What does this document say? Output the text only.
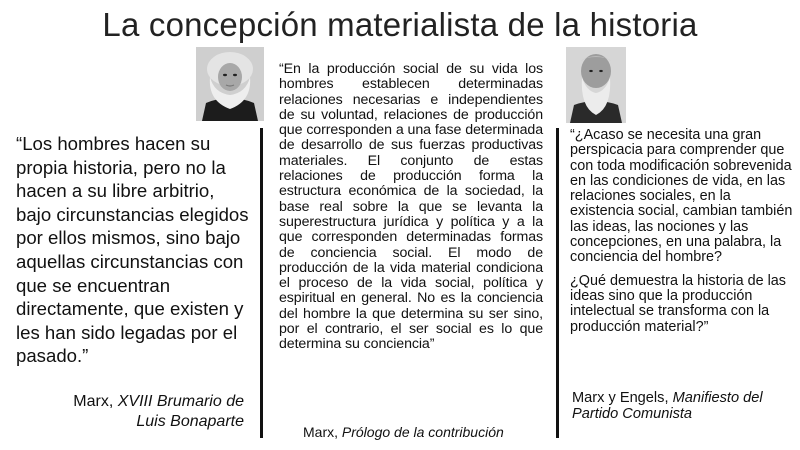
La concepción materialista de la historia

“Los hombres hacen su propia historia, pero no la hacen a su libre arbitrio, bajo circunstancias elegidos por ellos mismos, sino bajo aquellas circunstancias con que se encuentran directamente, que existen y les han sido legadas por el pasado.”

Marx, XVIII Brumario de
Luis Bonaparte

“En la producción social de su vida los hombres establecen determinadas relaciones necesarias e independientes de su voluntad, relaciones de producción que corresponden a una fase determinada de desarrollo de sus fuerzas productivas materiales. El conjunto de estas relaciones de producción forma la estructura económica de la sociedad, la base real sobre la que se levanta la superestructura jurídica y política y a la que corresponden determinadas formas de conciencia social. El modo de producción de la vida material condiciona el proceso de la vida social, política y espiritual en general. No es la conciencia del hombre la que determina su ser sino, por el contrario, el ser social es lo que determina su conciencia”

Marx, Prólogo de la contribución

“¿Acaso se necesita una gran perspicacia para comprender que con toda modificación sobrevenida en las condiciones de vida, en las relaciones sociales, en la existencia social, cambian también las ideas, las nociones y las concepciones, en una palabra, la conciencia del hombre?

¿Qué demuestra la historia de las ideas sino que la producción intelectual se transforma con la producción material?”

Marx y Engels, Manifiesto del Partido Comunista
